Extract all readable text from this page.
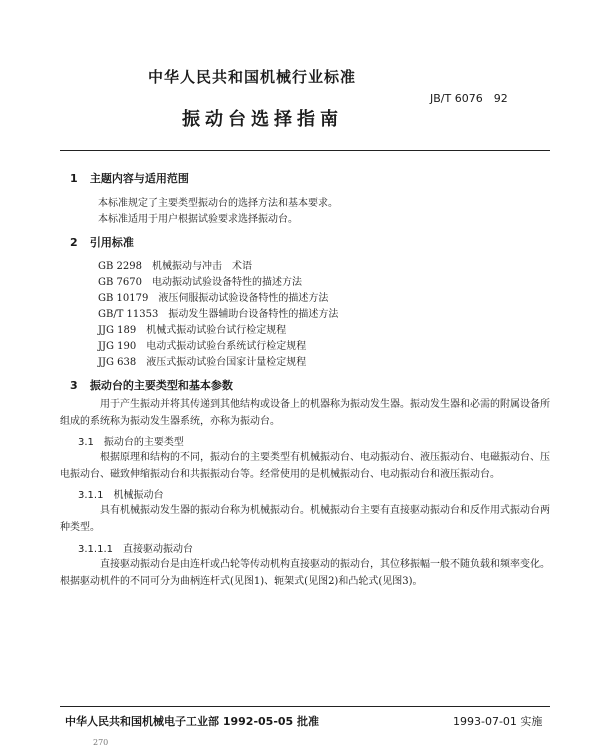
中华人民共和国机械行业标准
JB/T 6076　92
振动台选择指南
1 主题内容与适用范围
本标准规定了主要类型振动台的选择方法和基本要求。
本标准适用于用户根据试验要求选择振动台。
2 引用标准
GB 2298　机械振动与冲击　术语
GB 7670　电动振动试验设备特性的描述方法
GB 10179　液压伺服振动试验设备特性的描述方法
GB/T 11353　振动发生器辅助台设备特性的描述方法
JJG 189　机械式振动试验台试行检定规程
JJG 190　电动式振动试验台系统试行检定规程
JJG 638　液压式振动试验台国家计量检定规程
3 振动台的主要类型和基本参数
用于产生振动并将其传递到其他结构或设备上的机器称为振动发生器。振动发生器和必需的附属设备所组成的系统称为振动发生器系统，亦称为振动台。
3.1　振动台的主要类型
根据原理和结构的不同，振动台的主要类型有机械振动台、电动振动台、液压振动台、电磁振动台、压电振动台、磁致伸缩振动台和共振振动台等。经常使用的是机械振动台、电动振动台和液压振动台。
3.1.1　机械振动台
具有机械振动发生器的振动台称为机械振动台。机械振动台主要有直接驱动振动台和反作用式振动台两种类型。
3.1.1.1　直接驱动振动台
直接驱动振动台是由连杆或凸轮等传动机构直接驱动的振动台，其位移振幅一般不随负载和频率变化。根据驱动机件的不同可分为曲柄连杆式(见图1)、轭架式(见图2)和凸轮式(见图3)。
中华人民共和国机械电子工业部 1992-05-05 批准	1993-07-01 实施
270
